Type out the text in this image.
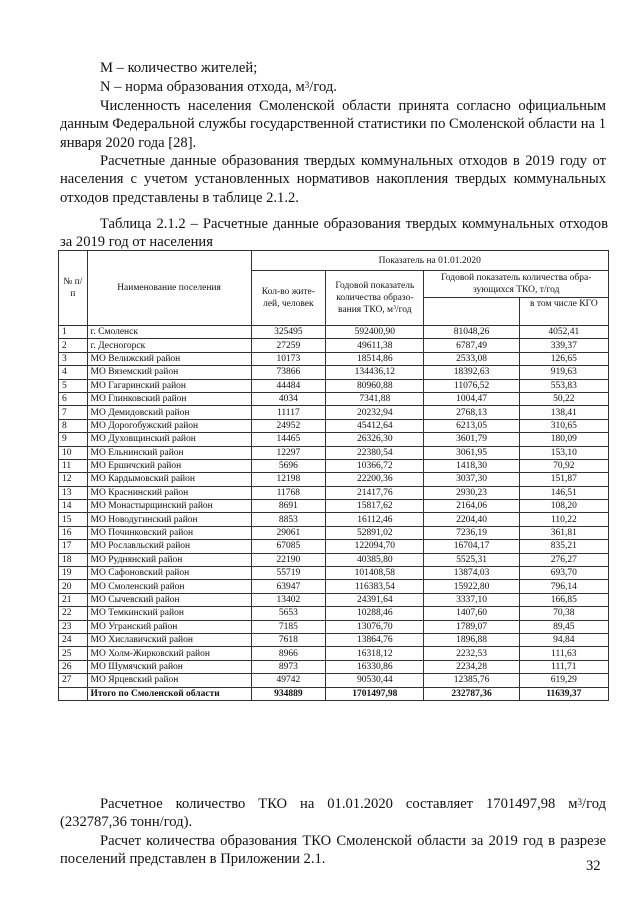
М – количество жителей;
N – норма образования отхода, $м^3$/год.
Численность населения Смоленской области принята согласно официальным данным Федеральной службы государственной статистики по Смоленской области на 1 января 2020 года [28].
Расчетные данные образования твердых коммунальных отходов в 2019 году от населения с учетом установленных нормативов накопления твердых коммунальных отходов представлены в таблице 2.1.2.
Таблица 2.1.2 – Расчетные данные образования твердых коммунальных отходов за 2019 год от населения
№ п/п	Наименование поселения	Показатель на 01.01.2020			
		Кол-во жите-лей, человек	Годовой показатель количества образо-вания ТКО, $м^3$/год	Годовой показатель количества обра-зующихся ТКО, т/год	
					в том числе КГО
1	г. Смоленск	325495	592400,90	81048,26	4052,41
2	г. Десногорск	27259	49611,38	6787,49	339,37
3	МО Велижский район	10173	18514,86	2533,08	126,65
4	МО Вяземский район	73866	134436,12	18392,63	919,63
5	МО Гагаринский район	44484	80960,88	11076,52	553,83
6	МО Глинковский район	4034	7341,88	1004,47	50,22
7	МО Демидовский район	11117	20232,94	2768,13	138,41
8	МО Дорогобужский район	24952	45412,64	6213,05	310,65
9	МО Духовщинский район	14465	26326,30	3601,79	180,09
10	МО Ельнинский район	12297	22380,54	3061,95	153,10
11	МО Ершичский район	5696	10366,72	1418,30	70,92
12	МО Кардымовский район	12198	22200,36	3037,30	151,87
13	МО Краснинский район	11768	21417,76	2930,23	146,51
14	МО Монастырщинский район	8691	15817,62	2164,06	108,20
15	МО Новодугинский район	8853	16112,46	2204,40	110,22
16	МО Починковский район	29061	52891,02	7236,19	361,81
17	МО Рославльский район	67085	122094,70	16704,17	835,21
18	МО Руднянский район	22190	40385,80	5525,31	276,27
19	МО Сафоновский район	55719	101408,58	13874,03	693,70
20	МО Смоленский район	63947	116383,54	15922,80	796,14
21	МО Сычевский район	13402	24391,64	3337,10	166,85
22	МО Темкинский район	5653	10288,46	1407,60	70,38
23	МО Угранский район	7185	13076,70	1789,07	89,45
24	МО Хиславичский район	7618	13864,76	1896,88	94,84
25	МО Холм-Жирковский район	8966	16318,12	2232,53	111,63
26	МО Шумячский район	8973	16330,86	2234,28	111,71
27	МО Ярцевский район	49742	90530,44	12385,76	619,29
	Итого по Смоленской области	934889	1701497,98	232787,36	11639,37
Расчетное количество ТКО на 01.01.2020 составляет 1701497,98 $м^3$/год (232787,36 тонн/год).
Расчет количества образования ТКО Смоленской области за 2019 год в разрезе поселений представлен в Приложении 2.1.	32
